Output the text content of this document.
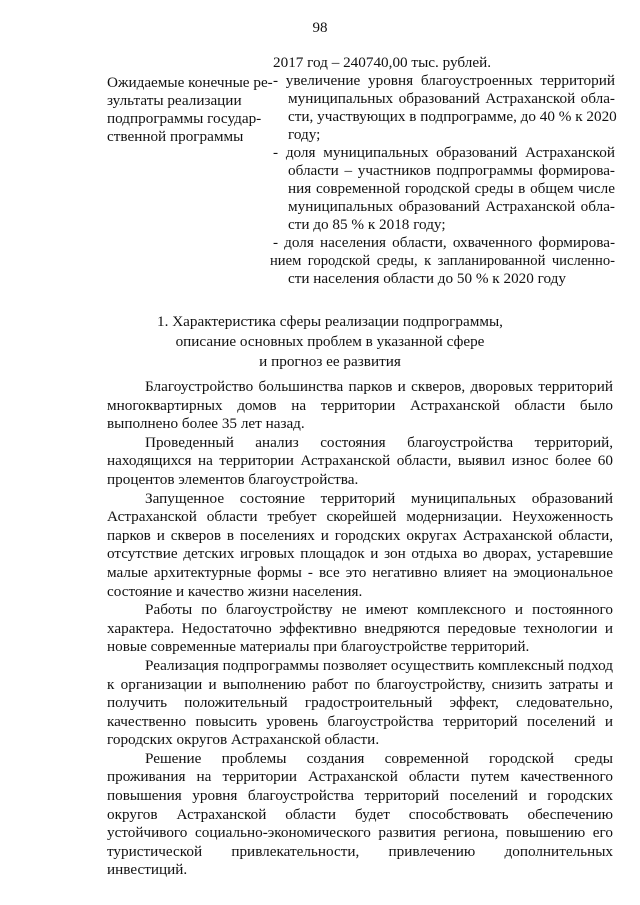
98
Ожидаемые конечные ре-
зультаты реализации
подпрограммы государ-
ственной программы
2017 год – 240740,00 тыс. рублей.
- увеличение уровня благоустроенных территорий
муниципальных образований Астраханской обла-
сти, участвующих в подпрограмме, до 40 % к 2020
году;
- доля муниципальных образований Астраханской
области – участников подпрограммы формирова-
ния современной городской среды в общем числе
муниципальных образований Астраханской обла-
сти до 85 % к 2018 году;
- доля населения области, охваченного формирова-
нием городской среды, к запланированной численно-
сти населения области до 50 % к 2020 году
1. Характеристика сферы реализации подпрограммы,
описание основных проблем в указанной сфере
и прогноз ее развития

Благоустройство большинства парков и скверов, дворовых территорий многоквартирных домов на территории Астраханской области было выполнено более 35 лет назад.

Проведенный анализ состояния благоустройства территорий, находящихся на территории Астраханской области, выявил износ более 60 процентов элементов благоустройства.

Запущенное состояние территорий муниципальных образований Астраханской области требует скорейшей модернизации. Неухоженность парков и скверов в поселениях и городских округах Астраханской области, отсутствие детских игровых площадок и зон отдыха во дворах, устаревшие малые архитектурные формы - все это негативно влияет на эмоциональное состояние и качество жизни населения.

Работы по благоустройству не имеют комплексного и постоянного характера. Недостаточно эффективно внедряются передовые технологии и новые современные материалы при благоустройстве территорий.

Реализация подпрограммы позволяет осуществить комплексный подход к организации и выполнению работ по благоустройству, снизить затраты и получить положительный градостроительный эффект, следовательно, качественно повысить уровень благоустройства территорий поселений и городских округов Астраханской области.

Решение проблемы создания современной городской среды проживания на территории Астраханской области путем качественного повышения уровня благоустройства территорий поселений и городских округов Астраханской области будет способствовать обеспечению устойчивого социально-экономического развития региона, повышению его туристической привлекательности, привлечению дополнительных инвестиций.
